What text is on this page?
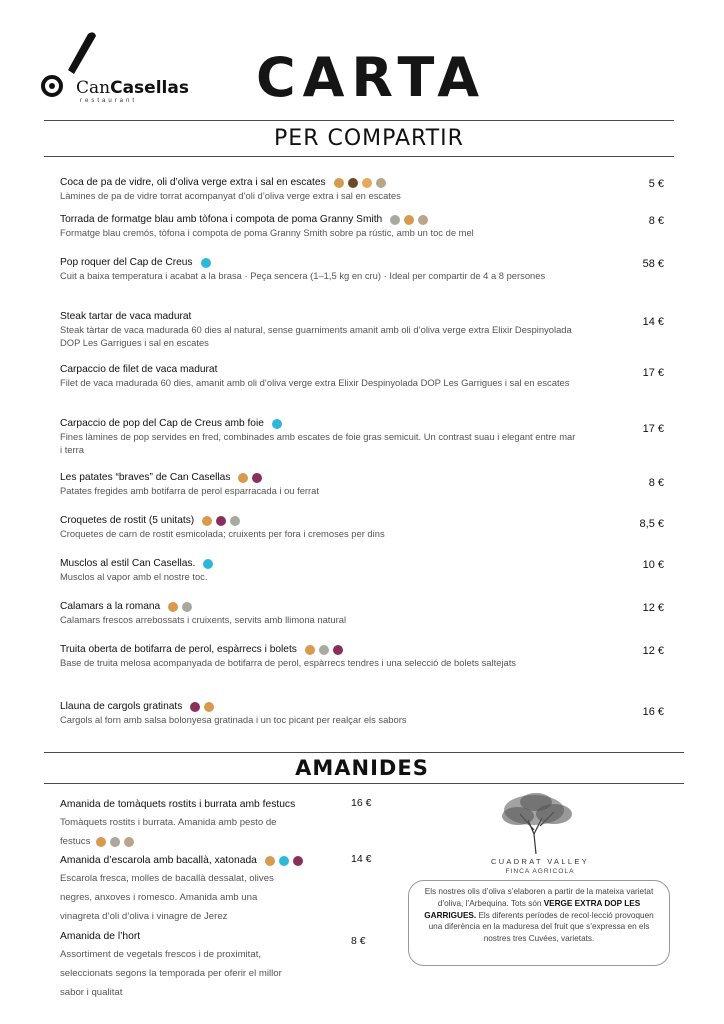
CanCasellas
restaurant	CARTA
PER COMPARTIR
Coca de pa de vidre, oli d’oliva verge extra i sal en escates
Làmines de pa de vidre torrat acompanyat d’oli d’oliva verge extra i sal en escates
5 €
Torrada de formatge blau amb tòfona i compota de poma Granny Smith
Formatge blau cremós, tòfona i compota de poma Granny Smith sobre pa rústic, amb un toc de mel
8 €
Pop roquer del Cap de Creus
Cuit a baixa temperatura i acabat a la brasa · Peça sencera (1–1,5 kg en cru) · Ideal per compartir de 4 a 8 persones
58 €
Steak tartar de vaca madurat
Steak tàrtar de vaca madurada 60 dies al natural, sense guarniments amanit amb oli d’oliva verge extra Elixir Despinyolada DOP Les Garrigues i sal en escates
14 €
Carpaccio de filet de vaca madurat
Filet de vaca madurada 60 dies, amanit amb oli d’oliva verge extra Elixir Despinyolada DOP Les Garrigues i sal en escates
17 €
Carpaccio de pop del Cap de Creus amb foie
Fines làmines de pop servides en fred, combinades amb escates de foie gras semicuit. Un contrast suau i elegant entre mar i terra
17 €
Les patates “braves” de Can Casellas
Patates fregides amb botifarra de perol esparracada i ou ferrat
8 €
Croquetes de rostit (5 unitats)
Croquetes de carn de rostit esmicolada; cruixents per fora i cremoses per dins
8,5 €
Musclos al estil Can Casellas.
Musclos al vapor amb el nostre toc.
10 €
Calamars a la romana
Calamars frescos arrebossats i cruixents, servits amb llimona natural
12 €
Truita oberta de botifarra de perol, espàrrecs i bolets
Base de truita melosa acompanyada de botifarra de perol, espàrrecs tendres i una selecció de bolets saltejats
12 €
Llauna de cargols gratinats
Cargols al forn amb salsa bolonyesa gratinada i un toc picant per realçar els sabors
16 €
AMANIDES
Amanida de tomàquets rostits i burrata amb festucs
Tomàquets rostits i burrata. Amanida amb pesto de
festucs
16 €
Amanida d’escarola amb bacallà, xatonada
Escarola fresca, molles de bacallà dessalat, olives
negres, anxoves i romesco. Amanida amb una
vinagreta d’oli d’oliva i vinagre de Jerez
14 €
Amanida de l’hort
Assortiment de vegetals frescos i de proximitat,
seleccionats segons la temporada per oferir el millor
sabor i qualitat
8 €
CUADRAT VALLEY
FINCA AGRICOLA
Els nostres olis d’oliva s’elaboren a partir de la mateixa varietat d’oliva, l’Arbequina. Tots són VERGE EXTRA DOP LES GARRIGUES. Els diferents períodes de recol·lecció provoquen una diferència en la maduresa del fruit que s’expressa en els nostres tres Cuvées, varietats.
